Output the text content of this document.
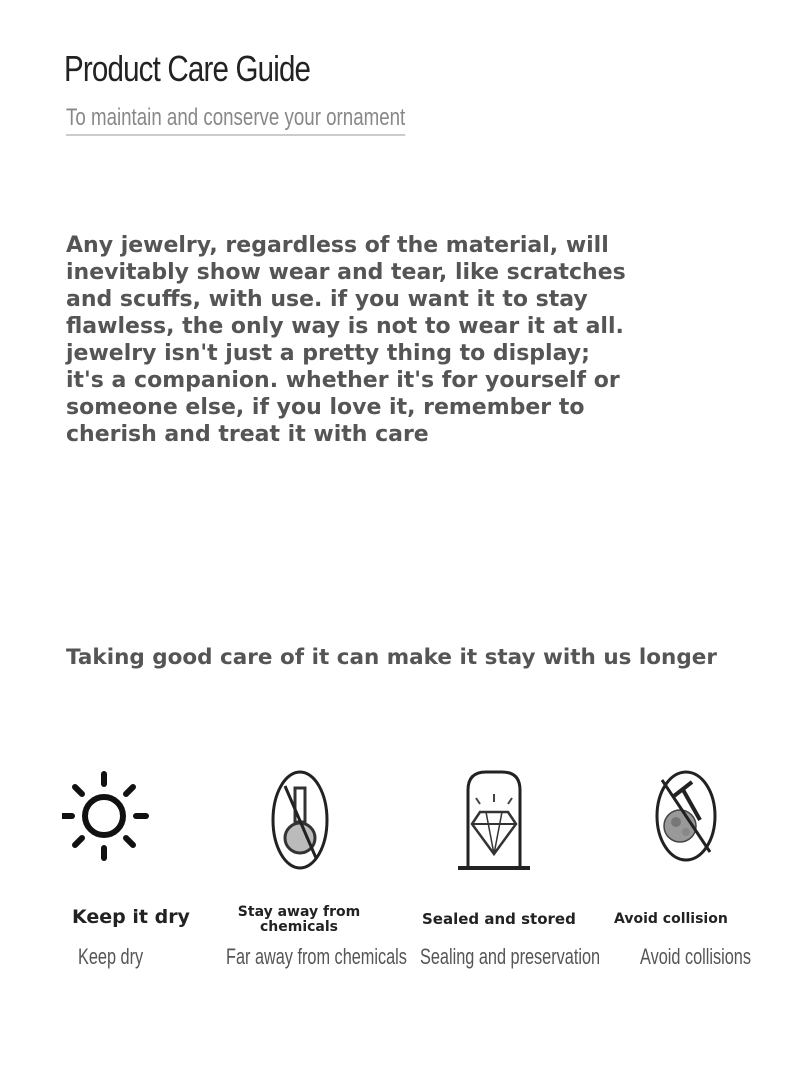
Product Care Guide
To maintain and conserve your ornament
Any jewelry, regardless of the material, will inevitably show wear and tear, like scratches and scuffs, with use. if you want it to stay flawless, the only way is not to wear it at all. jewelry isn't just a pretty thing to display; it's a companion. whether it's for yourself or someone else, if you love it, remember to cherish and treat it with care
Taking good care of it can make it stay with us longer
Keep it dry
Keep dry
Stay away from chemicals
Far away from chemicals
Sealed and stored
Sealing and preservation
Avoid collision
Avoid collisions
